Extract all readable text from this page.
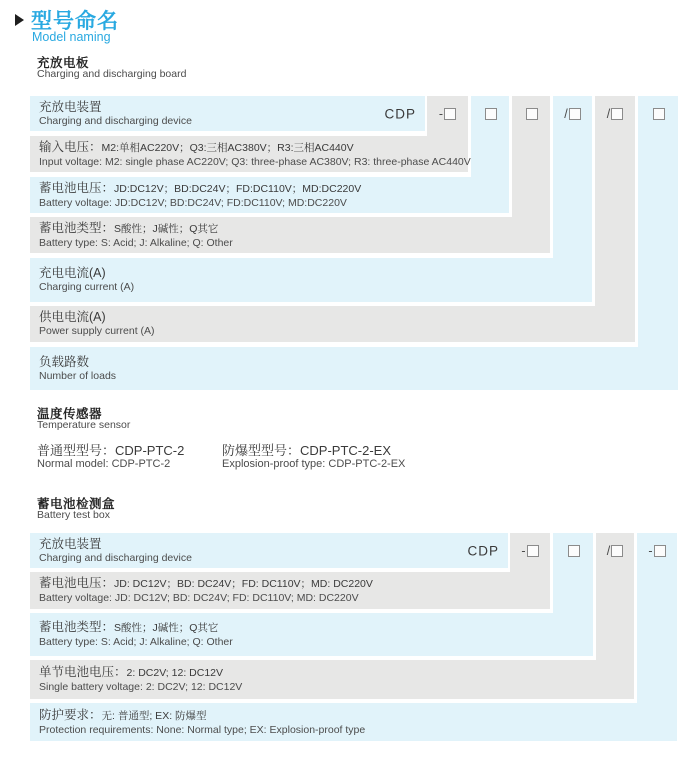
型号命名
Model naming
充放电板
Charging and discharging board
-	/	/
充放电装置
Charging and discharging device	CDP
输入电压：M2:单相AC220V；Q3:三相AC380V；R3:三相AC440V
Input voltage: M2: single phase AC220V; Q3: three-phase AC380V; R3: three-phase AC440V
蓄电池电压：JD:DC12V；BD:DC24V；FD:DC110V；MD:DC220V
Battery voltage: JD:DC12V; BD:DC24V; FD:DC110V; MD:DC220V
蓄电池类型：S酸性；J碱性；Q其它
Battery type: S: Acid; J: Alkaline; Q: Other
充电电流(A)
Charging current (A)
供电电流(A)
Power supply current (A)
负载路数
Number of loads
温度传感器
Temperature sensor
普通型型号：CDP-PTC-2	防爆型型号：CDP-PTC-2-EX
Normal model: CDP-PTC-2	Explosion-proof type: CDP-PTC-2-EX
蓄电池检测盒
Battery test box
-	/	-
充放电装置
Charging and discharging device	CDP
蓄电池电压：JD: DC12V；BD: DC24V；FD: DC110V；MD: DC220V
Battery voltage: JD: DC12V; BD: DC24V; FD: DC110V; MD: DC220V
蓄电池类型：S酸性；J碱性；Q其它
Battery type: S: Acid; J: Alkaline; Q: Other
单节电池电压：2: DC2V; 12: DC12V
Single battery voltage: 2: DC2V; 12: DC12V
防护要求：无: 普通型; EX: 防爆型
Protection requirements: None: Normal type; EX: Explosion-proof type
